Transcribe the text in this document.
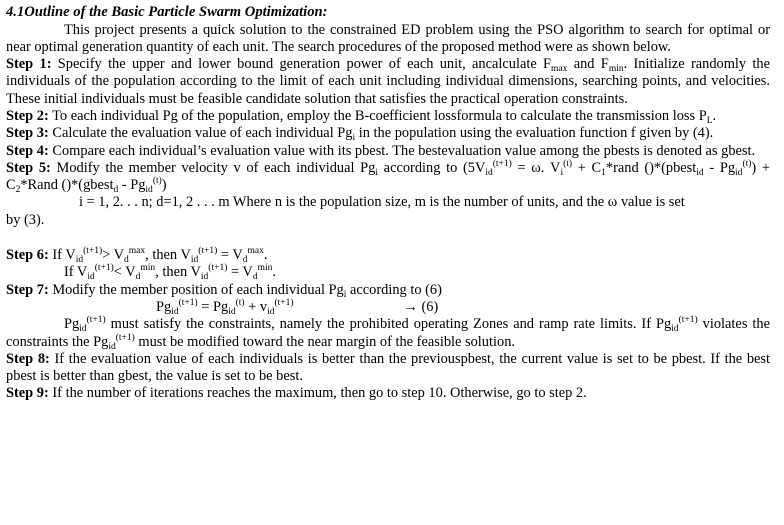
4.1Outline of the Basic Particle Swarm Optimization:

This project presents a quick solution to the constrained ED problem using the PSO algorithm to search for optimal or near optimal generation quantity of each unit. The search procedures of the proposed method were as shown below.

Step 1: Specify the upper and lower bound generation power of each unit, ancalculate $F_{max}$ and $F_{min}$. Initialize randomly the individuals of the population according to the limit of each unit including individual dimensions, searching points, and velocities. These initial individuals must be feasible candidate solution that satisfies the practical operation constraints.

Step 2: To each individual Pg of the population, employ the B-coefficient lossformula to calculate the transmission loss $P_L$.

Step 3: Calculate the evaluation value of each individual $Pg_i$ in the population using the evaluation function f given by (4).

Step 4: Compare each individual’s evaluation value with its pbest. The bestevaluation value among the pbests is denoted as gbest.

Step 5: Modify the member velocity v of each individual $Pg_i$ according to ($5V_{id}^{(t+1)} = \omega$. $V_i^{(t)}$ + $C_1*rand$ ()*(pbest$_{id}$ - $Pg_{id}^{(t)}$) + $C_2*Rand$ ()*(gbest$_d$ - $Pg_{id}^{(t)}$)

i = 1, 2. . . n; d=1, 2 . . . m Where n is the population size, m is the number of units, and the ω value is set

by (3).

Step 6: If $V_{id}^{(t+1)}> V_d^{max}$, then $V_{id}^{(t+1)} = V_d^{max}$.

If $V_{id}^{(t+1)}< V_d^{min}$, then $V_{id}^{(t+1)} = V_d^{min}$.

Step 7: Modify the member position of each individual $Pg_i$ according to (6)

$Pg_{id}^{(t+1)} = Pg_{id}^{(t)} + v_{id}^{(t+1)}$	→ (6)

$Pg_{id}^{(t+1)}$ must satisfy the constraints, namely the prohibited operating Zones and ramp rate limits. If $Pg_{id}^{(t+1)}$ violates the constraints the $Pg_{id}^{(t+1)}$ must be modified toward the near margin of the feasible solution.

Step 8: If the evaluation value of each individuals is better than the previouspbest, the current value is set to be pbest. If the best pbest is better than gbest, the value is set to be best.

Step 9: If the number of iterations reaches the maximum, then go to step 10. Otherwise, go to step 2.
